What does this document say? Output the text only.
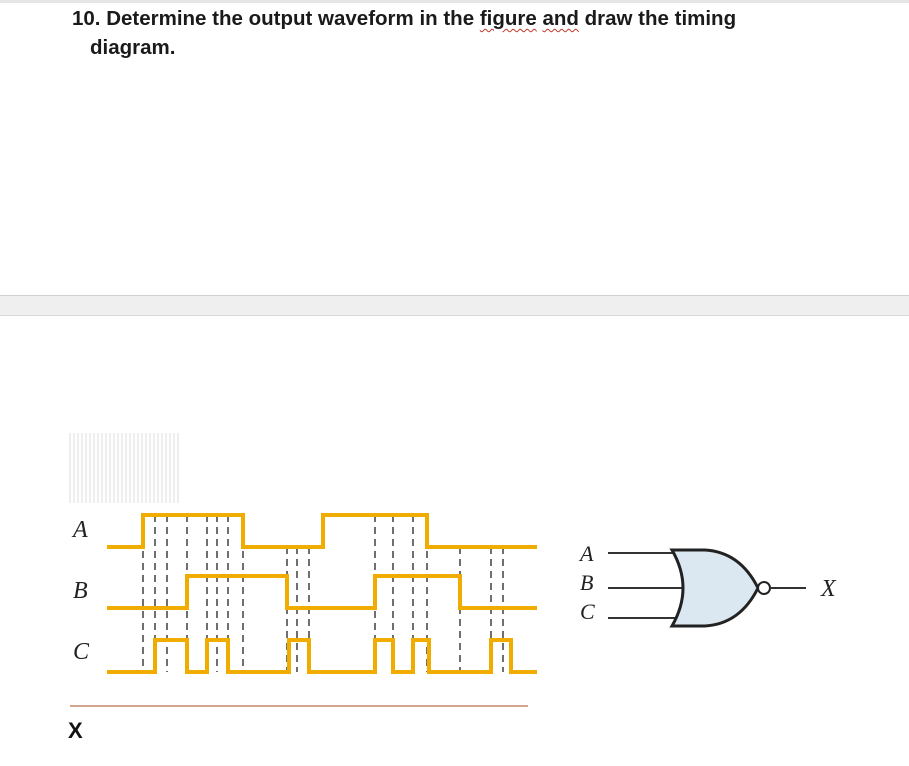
10. Determine the output waveform in the figure and draw the timing
diagram.
A
B
C
A
B
C
X
X
